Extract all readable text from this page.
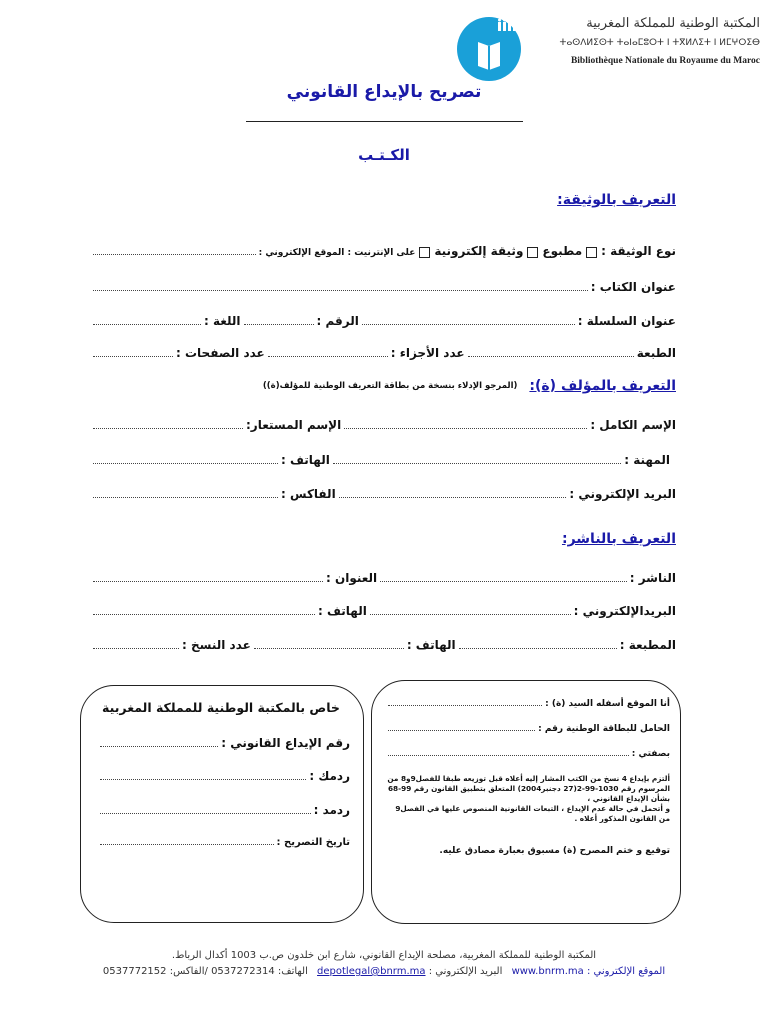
المكتبة الوطنية للمملكة المغربية
ⵜⴰⵙⴷⵍⵉⵙⵜ ⵜⴰⵏⴰⵎⵓⵔⵜ ⵏ ⵜⴳⵍⴷⵉⵜ ⵏ ⵍⵎⵖⵔⵉⴱ
Bibliothèque Nationale du Royaume du Maroc
تصريح بالإيداع القانوني
الكـتـب
التعريف بالوثيقة:
نوع الوثيقة :
مطبوع
وثيقة إلكترونية
على الإنترنيت : الموقع الإلكتروني :
عنوان الكتاب :
عنوان السلسلة :
الرقم :
اللغة :
الطبعة
عدد الأجزاء :
عدد الصفحات :
التعريف بالمؤلف (ة):
(المرجو الإدلاء بنسخة من بطاقة التعريف الوطنية للمؤلف(ة))
الإسم الكامل :
الإسم المستعار:
المهنة :
الهاتف :
البريد الإلكتروني :
الفاكس :
التعريف بالناشر:
الناشر :
العنوان :
البريدالإلكتروني :
الهاتف :
المطبعة :
الهاتف :
عدد النسخ :
خاص بالمكتبة الوطنية للمملكة المغربية
رقم الإيداع القانوني :
ردمك :
ردمد :
تاريخ التصريح :
أنا الموقع أسفله السيد (ة) :
الحامل للبطاقة الوطنية رقم :
بصفتي :
ألتزم بإيداع 4 نسخ من الكتب المشار إليه أعلاه قبل توزيعه طبقا للفصل9و8 من
المرسوم رقم 1030-99-2(27 دجنبر2004) المتعلق بتطبيق القانون رقم 99-68
بشأن الإيداع القانوني ،
و أتحمل في حالة عدم الإيداع ، التبعات القانونية المنصوص عليها في الفصل9
من القانون المذكور أعلاه .
توقيع و ختم المصرح (ة) مسبوق بعبارة مصادق عليه.
المكتبة الوطنية للمملكة المغربية، مصلحة الإيداع القانوني، شارع ابن خلدون ص.ب 1003 أكدال الرباط.
الموقع الإلكتروني : www.bnrm.ma البريد الإلكتروني : depotlegal@bnrm.ma الهاتف: 0537272314 /الفاكس: 0537772152
